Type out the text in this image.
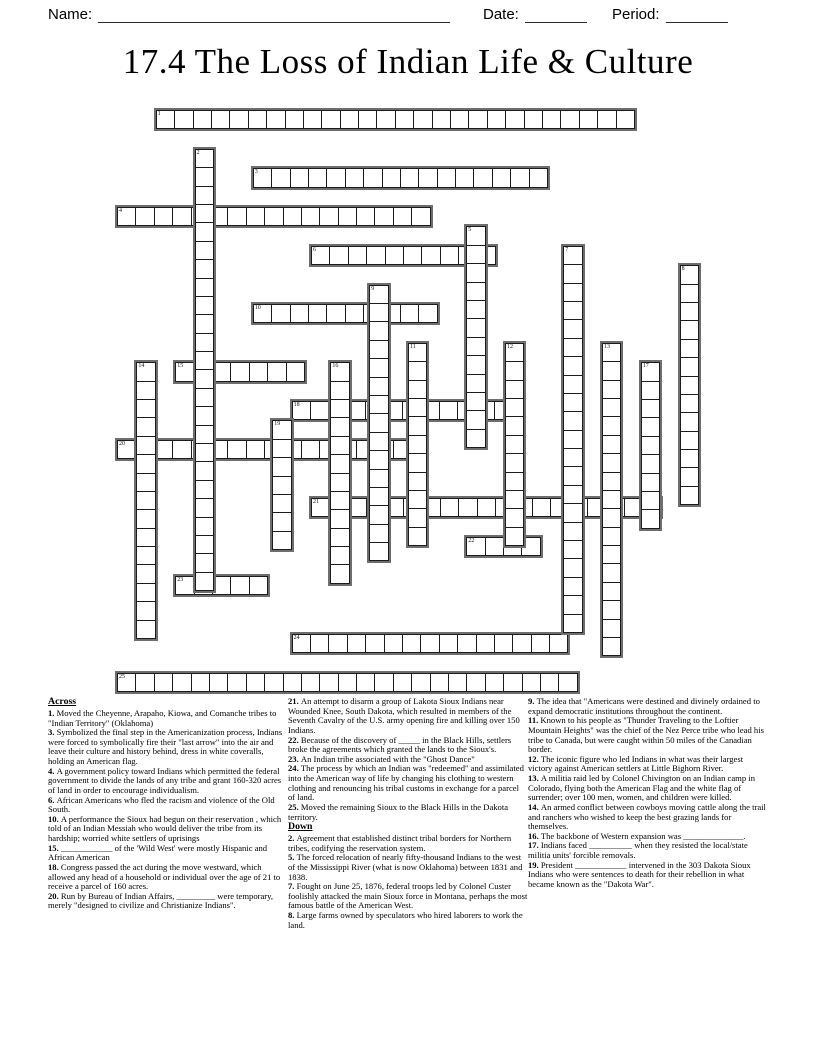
Name:	Date:	Period:
17.4 The Loss of Indian Life & Culture
1
3
4
6
10
15
18
20
21
22
23
24
25
2
5
7
8
9
11	12	13
14	16	17
19
Across

1. Moved the Cheyenne, Arapaho, Kiowa, and Comanche tribes to "Indian Territory" (Oklahoma)

3. Symbolized the final step in the Americanization process, Indians were forced to symbolically fire their "last arrow" into the air and leave their culture and history behind, dress in white coveralls, holding an American flag.

4. A government policy toward Indians which permitted the federal government to divide the lands of any tribe and grant 160-320 acres of land in order to encourage individualism.

6. African Americans who fled the racism and violence of the Old South.

10. A performance the Sioux had begun on their reservation , which told of an Indian Messiah who would deliver the tribe from its hardship; worried white settlers of uprisings

15. ____________ of the 'Wild West' were mostly Hispanic and African American

18. Congress passed the act during the move westward, which allowed any head of a household or individual over the age of 21 to receive a parcel of 160 acres.

20. Run by Bureau of Indian Affairs, _________ were temporary, merely "designed to civilize and Christianize Indians".

21. An attempt to disarm a group of Lakota Sioux Indians near Wounded Knee, South Dakota, which resulted in members of the Seventh Cavalry of the U.S. army opening fire and killing over 150 Indians.

22. Because of the discovery of _____ in the Black Hills, settlers broke the agreements which granted the lands to the Sioux's.

23. An Indian tribe associated with the "Ghost Dance"

24. The process by which an Indian was "redeemed" and assimilated into the American way of life by changing his clothing to western clothing and renouncing his tribal customs in exchange for a parcel of land.

25. Moved the remaining Sioux to the Black Hills in the Dakota territory.

Down

2. Agreement that established distinct tribal borders for Northern tribes, codifying the reservation system.

5. The forced relocation of nearly fifty-thousand Indians to the west of the Mississippi River (what is now Oklahoma) between 1831 and 1838.

7. Fought on June 25, 1876, federal troops led by Colonel Custer foolishly attacked the main Sioux force in Montana, perhaps the most famous battle of the American West.

8. Large farms owned by speculators who hired laborers to work the land.

9. The idea that "Americans were destined and divinely ordained to expand democratic institutions throughout the continent.

11. Known to his people as "Thunder Traveling to the Loftier Mountain Heights" was the chief of the Nez Perce tribe who lead his tribe to Canada, but were caught within 50 miles of the Canadian border.

12. The iconic figure who led Indians in what was their largest victory against American settlers at Little Bighorn River.

13. A militia raid led by Colonel Chivington on an Indian camp in Colorado, flying both the American Flag and the white flag of surrender; over 100 men, women, and children were killed.

14. An armed conflict between cowboys moving cattle along the trail and ranchers who wished to keep the best grazing lands for themselves.

16. The backbone of Western expansion was ______________.

17. Indians faced __________ when they resisted the local/state militia units' forcible removals.

19. President ____________ intervened in the 303 Dakota Sioux Indians who were sentences to death for their rebellion in what became known as the "Dakota War".
